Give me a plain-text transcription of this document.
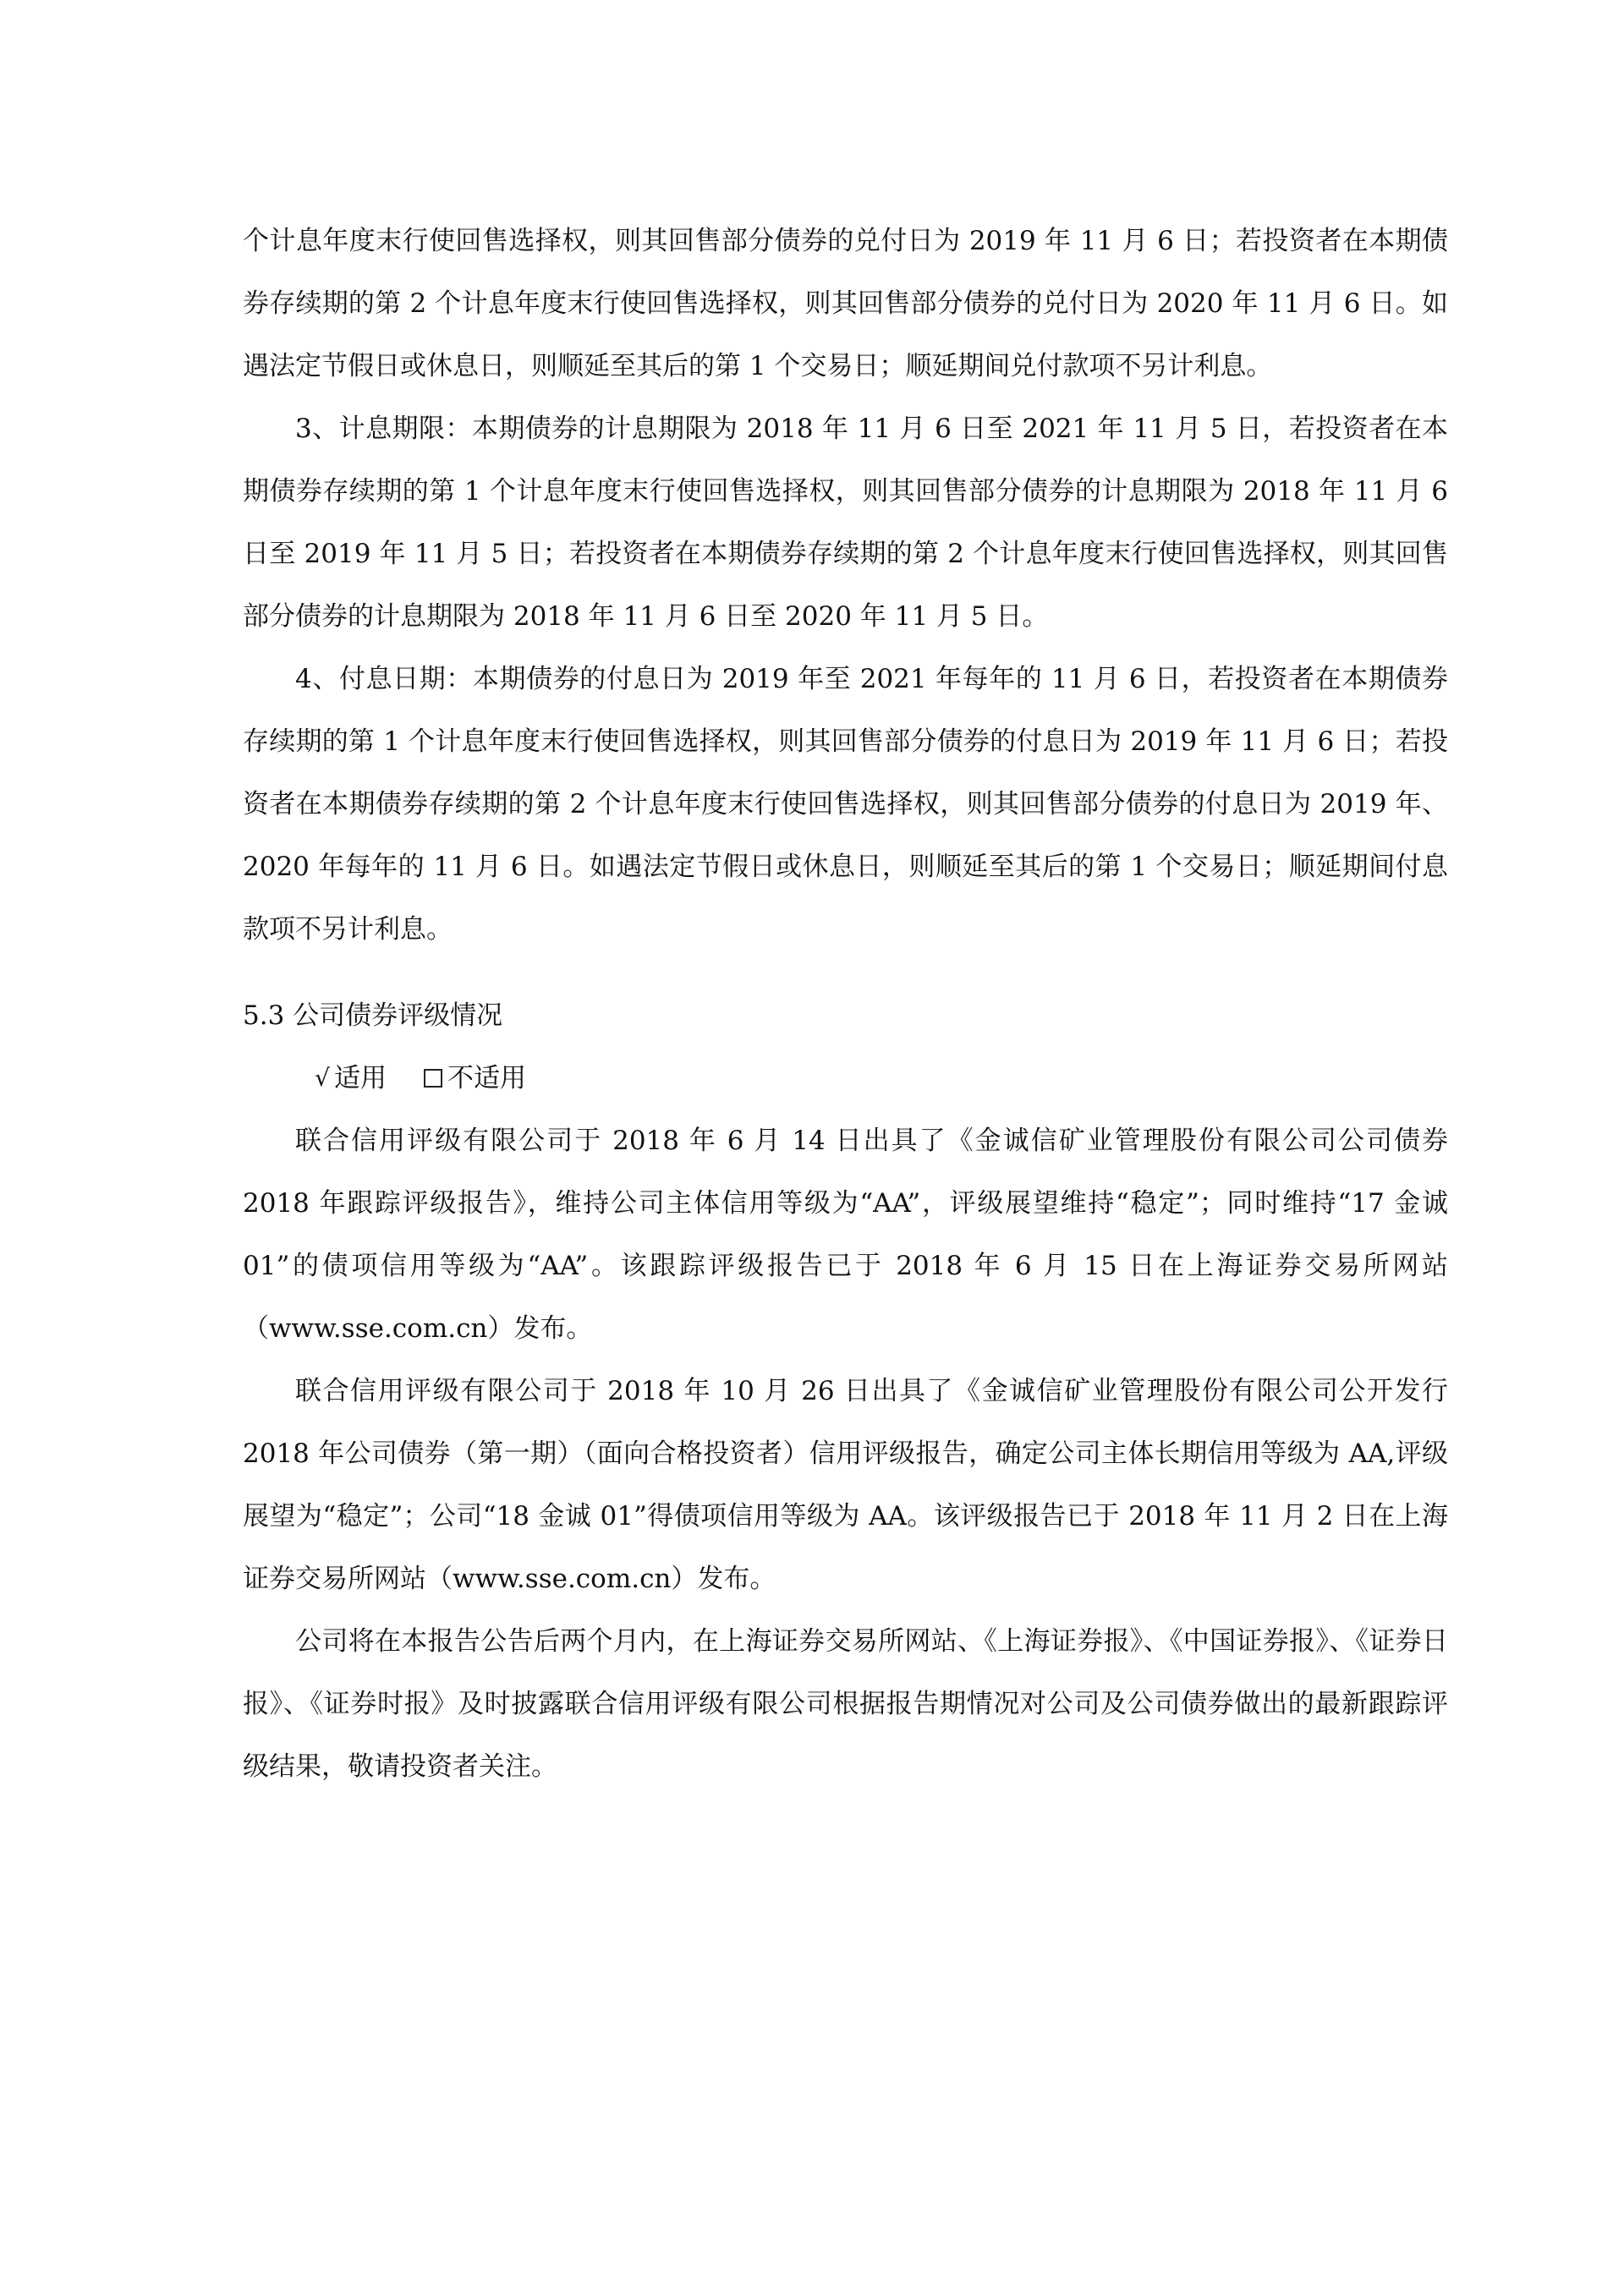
个计息年度末行使回售选择权，则其回售部分债券的兑付日为 2019 年 11 月 6 日；若投资者在本期债券存续期的第 2 个计息年度末行使回售选择权，则其回售部分债券的兑付日为 2020 年 11 月 6 日。如遇法定节假日或休息日，则顺延至其后的第 1 个交易日；顺延期间兑付款项不另计利息。

3、计息期限：本期债券的计息期限为 2018 年 11 月 6 日至 2021 年 11 月 5 日，若投资者在本期债券存续期的第 1 个计息年度末行使回售选择权，则其回售部分债券的计息期限为 2018 年 11 月 6 日至 2019 年 11 月 5 日；若投资者在本期债券存续期的第 2 个计息年度末行使回售选择权，则其回售部分债券的计息期限为 2018 年 11 月 6 日至 2020 年 11 月 5 日。

4、付息日期：本期债券的付息日为 2019 年至 2021 年每年的 11 月 6 日，若投资者在本期债券存续期的第 1 个计息年度末行使回售选择权，则其回售部分债券的付息日为 2019 年 11 月 6 日；若投资者在本期债券存续期的第 2 个计息年度末行使回售选择权，则其回售部分债券的付息日为 2019 年、2020 年每年的 11 月 6 日。如遇法定节假日或休息日，则顺延至其后的第 1 个交易日；顺延期间付息款项不另计利息。

5.3 公司债券评级情况
√ 适用 不适用

联合信用评级有限公司于 2018 年 6 月 14 日出具了《金诚信矿业管理股份有限公司公司债券 2018 年跟踪评级报告》，维持公司主体信用等级为“AA”，评级展望维持“稳定”；同时维持“17 金诚 01”的债项信用等级为“AA”。该跟踪评级报告已于 2018 年 6 月 15 日在上海证券交易所网站（www.sse.com.cn）发布。

联合信用评级有限公司于 2018 年 10 月 26 日出具了《金诚信矿业管理股份有限公司公开发行 2018 年公司债券（第一期）（面向合格投资者）信用评级报告，确定公司主体长期信用等级为 AA,评级展望为“稳定”；公司“18 金诚 01”得债项信用等级为 AA。该评级报告已于 2018 年 11 月 2 日在上海证券交易所网站（www.sse.com.cn）发布。

公司将在本报告公告后两个月内，在上海证券交易所网站、《上海证券报》、《中国证券报》、《证券日报》、《证券时报》及时披露联合信用评级有限公司根据报告期情况对公司及公司债券做出的最新跟踪评级结果，敬请投资者关注。
